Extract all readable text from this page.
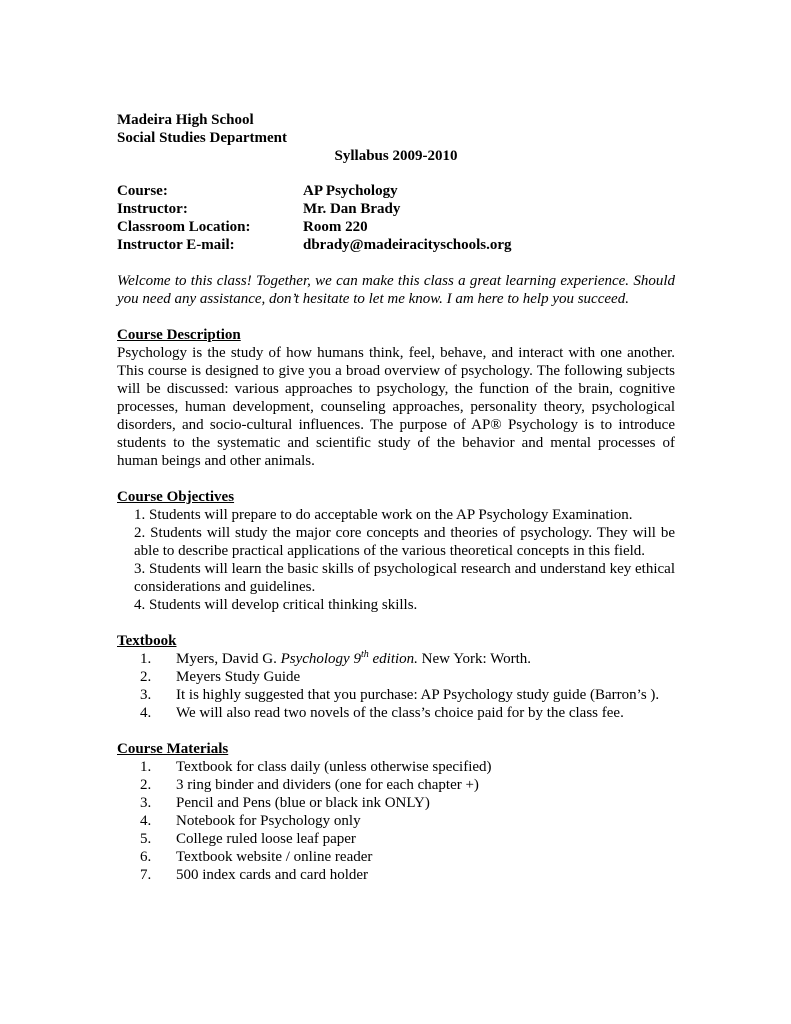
Madeira High School
Social Studies Department
Syllabus 2009-2010
Course:	AP Psychology
Instructor:	Mr. Dan Brady
Classroom Location:	Room 220
Instructor E-mail:	dbrady@madeiracityschools.org
Welcome to this class! Together, we can make this class a great learning experience. Should you need any assistance, don’t hesitate to let me know. I am here to help you succeed.
Course Description
Psychology is the study of how humans think, feel, behave, and interact with one another. This course is designed to give you a broad overview of psychology. The following subjects will be discussed: various approaches to psychology, the function of the brain, cognitive processes, human development, counseling approaches, personality theory, psychological disorders, and socio-cultural influences. The purpose of AP® Psychology is to introduce students to the systematic and scientific study of the behavior and mental processes of human beings and other animals.
Course Objectives
1. Students will prepare to do acceptable work on the AP Psychology Examination.
2. Students will study the major core concepts and theories of psychology. They will be able to describe practical applications of the various theoretical concepts in this field.
3. Students will learn the basic skills of psychological research and understand key ethical considerations and guidelines.
4. Students will develop critical thinking skills.
Textbook
1.	Myers, David G. Psychology 9th edition. New York: Worth.
2.	Meyers Study Guide
3.	It is highly suggested that you purchase: AP Psychology study guide (Barron’s ).
4.	We will also read two novels of the class’s choice paid for by the class fee.
Course Materials
1.	Textbook for class daily (unless otherwise specified)
2.	3 ring binder and dividers (one for each chapter +)
3.	Pencil and Pens (blue or black ink ONLY)
4.	Notebook for Psychology only
5.	College ruled loose leaf paper
6.	Textbook website / online reader
7.	500 index cards and card holder
